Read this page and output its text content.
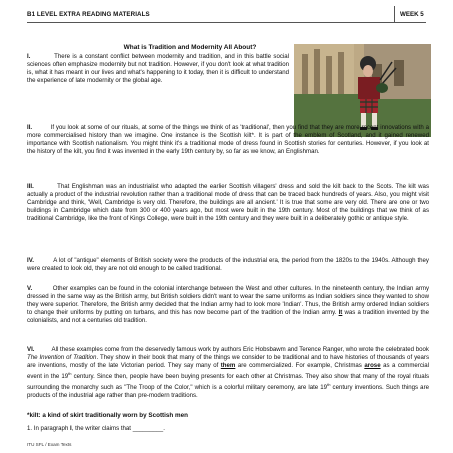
B1 LEVEL EXTRA READING MATERIALS	WEEK 5
What is Tradition and Modernity All About?
I.	There is a constant conflict between modernity and tradition, and in this battle social sciences often emphasize modernity but not tradition. However, if you don't look at what tradition is, what it has meant in our lives and what's happening to it today, then it is difficult to understand the experience of late modernity or the global age.
II.	If you look at some of our rituals, at some of the things we think of as 'traditional', then you find that they are more recent innovations with a more commercialised history than we imagine. One instance is the Scottish kilt*. It is part of the emblem of Scotland, and it gained renewed importance with Scottish nationalism. You might think it's a traditional mode of dress found in Scottish stories for centuries. However, if you look at the history of the kilt, you find it was invented in the early 19th century by, so far as we know, an Englishman.
III.	That Englishman was an industrialist who adapted the earlier Scottish villagers' dress and sold the kilt back to the Scots. The kilt was actually a product of the industrial revolution rather than a traditional mode of dress that can be traced back hundreds of years. Also, you might visit Cambridge and think, 'Well, Cambridge is very old. Therefore, the buildings are all ancient.' It is true that some are very old. There are one or two buildings in Cambridge which date from 300 or 400 years ago, but most were built in the 19th century. Most of the buildings that we think of as traditional Cambridge, like the front of Kings College, were built in the 19th century and they were built in a deliberately gothic or antique style.
IV.	A lot of "antique" elements of British society were the products of the industrial era, the period from the 1820s to the 1940s. Although they were created to look old, they are not old enough to be called traditional.
V.	Other examples can be found in the colonial interchange between the West and other cultures. In the nineteenth century, the Indian army dressed in the same way as the British army, but British soldiers didn't want to wear the same uniforms as Indian soldiers since they wanted to show they were superior. Therefore, the British army decided that the Indian army had to look more 'Indian'. Thus, the British army ordered Indian soldiers to change their uniforms by putting on turbans, and this has now become part of the tradition of the Indian army. It was a tradition invented by the colonialists, and not a centuries old tradition.
VI.	All these examples come from the deservedly famous work by authors Eric Hobsbawm and Terence Ranger, who wrote the celebrated book The Invention of Tradition. They show in their book that many of the things we consider to be traditional and to have histories of thousands of years are inventions, mostly of the late Victorian period. They say many of them are commercialized. For example, Christmas arose as a commercial event in the 19th century. Since then, people have been buying presents for each other at Christmas. They also show that many of the royal rituals surrounding the monarchy such as "The Troop of the Color," which is a colorful military ceremony, are late 19th century inventions. Such things are products of the industrial age rather than pre-modern traditions.
*kilt: a kind of skirt traditionally worn by Scottish men
1. In paragraph I, the writer claims that _________.
ITU SFL / Exam Texts
